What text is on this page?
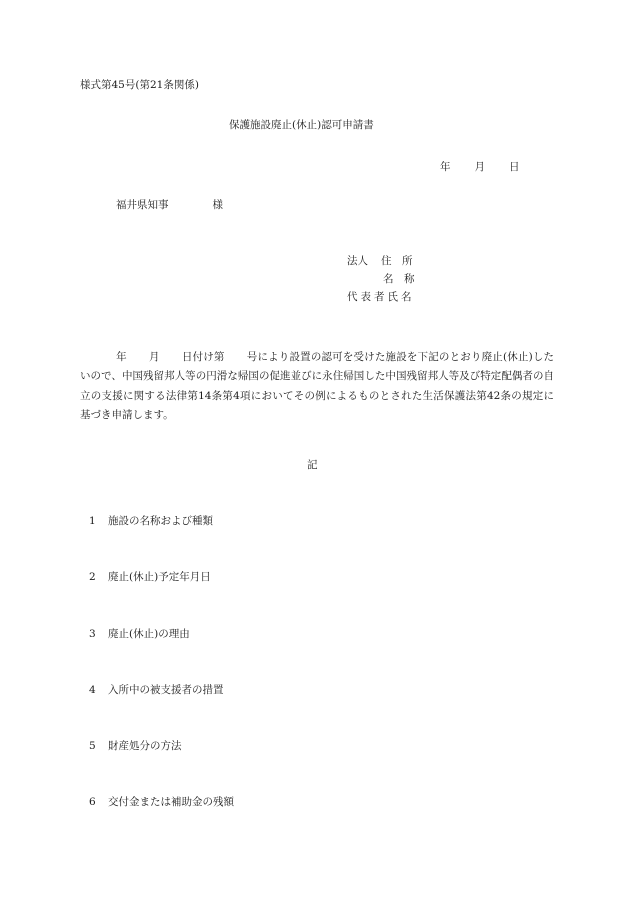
様式第45号(第21条関係)
保護施設廃止(休止)認可申請書
年 月 日
福井県知事	様
法人 住　所
名　称
代表者氏名
年 月 日付け第 号により設置の認可を受けた施設を下記のとおり廃止(休止)したいので、中国残留邦人等の円滑な帰国の促進並びに永住帰国した中国残留邦人等及び特定配偶者の自立の支援に関する法律第14条第4項においてその例によるものとされた生活保護法第42条の規定に基づき申請します。
記
1 施設の名称および種類
2 廃止(休止)予定年月日
3 廃止(休止)の理由
4 入所中の被支援者の措置
5 財産処分の方法
6 交付金または補助金の残額
